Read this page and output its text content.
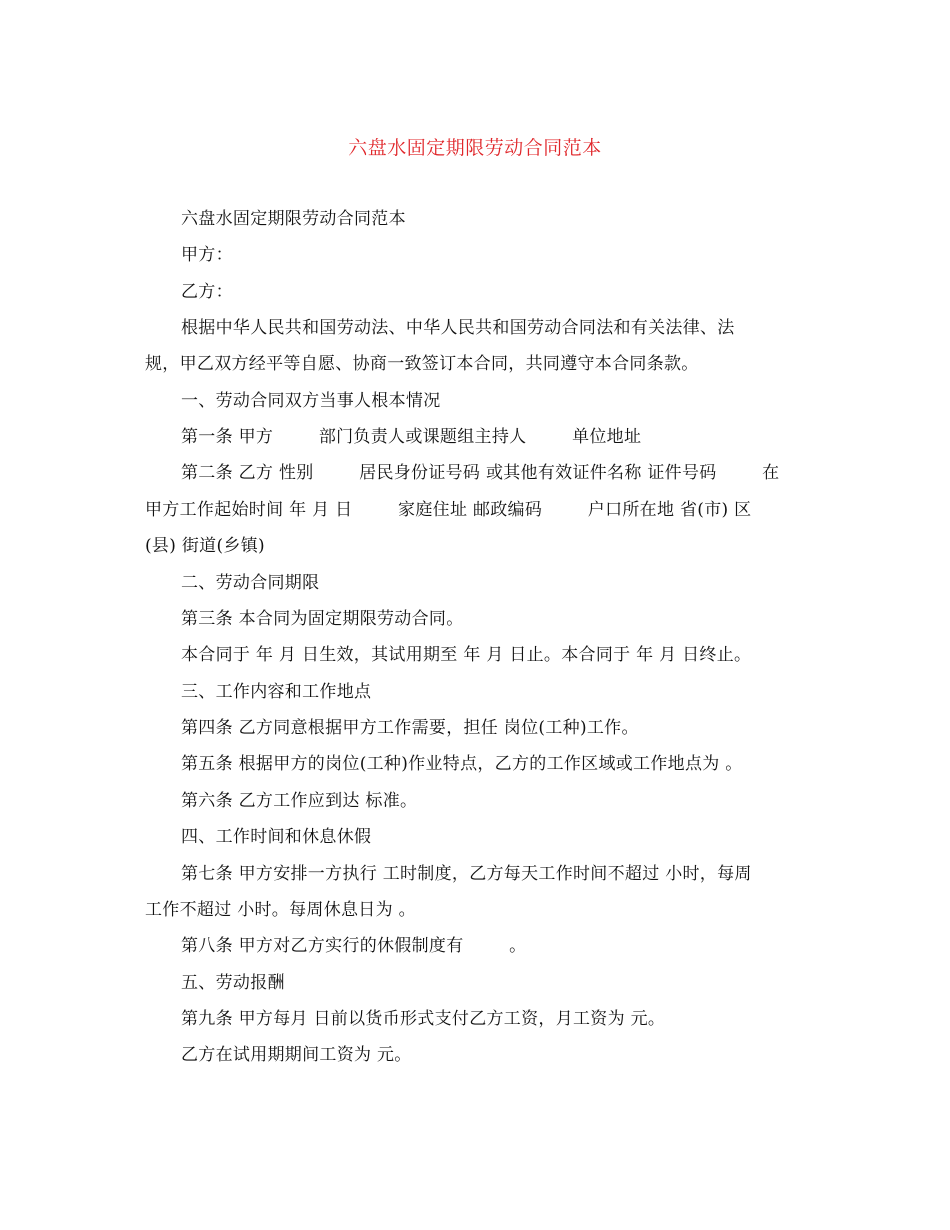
六盘水固定期限劳动合同范本
六盘水固定期限劳动合同范本
甲方：
乙方：
根据中华人民共和国劳动法、中华人民共和国劳动合同法和有关法律、法
规，甲乙双方经平等自愿、协商一致签订本合同，共同遵守本合同条款。
一、劳动合同双方当事人根本情况
第一条 甲方        部门负责人或课题组主持人        单位地址
第二条 乙方 性别        居民身份证号码 或其他有效证件名称 证件号码        在
甲方工作起始时间 年 月 日        家庭住址 邮政编码        户口所在地 省(市) 区
(县) 街道(乡镇)
二、劳动合同期限
第三条 本合同为固定期限劳动合同。
本合同于 年 月 日生效，其试用期至 年 月 日止。本合同于 年 月 日终止。
三、工作内容和工作地点
第四条 乙方同意根据甲方工作需要，担任 岗位(工种)工作。
第五条 根据甲方的岗位(工种)作业特点，乙方的工作区域或工作地点为 。
第六条 乙方工作应到达 标准。
四、工作时间和休息休假
第七条 甲方安排一方执行 工时制度，乙方每天工作时间不超过 小时，每周
工作不超过 小时。每周休息日为 。
第八条 甲方对乙方实行的休假制度有        。
五、劳动报酬
第九条 甲方每月 日前以货币形式支付乙方工资，月工资为 元。
乙方在试用期期间工资为 元。
